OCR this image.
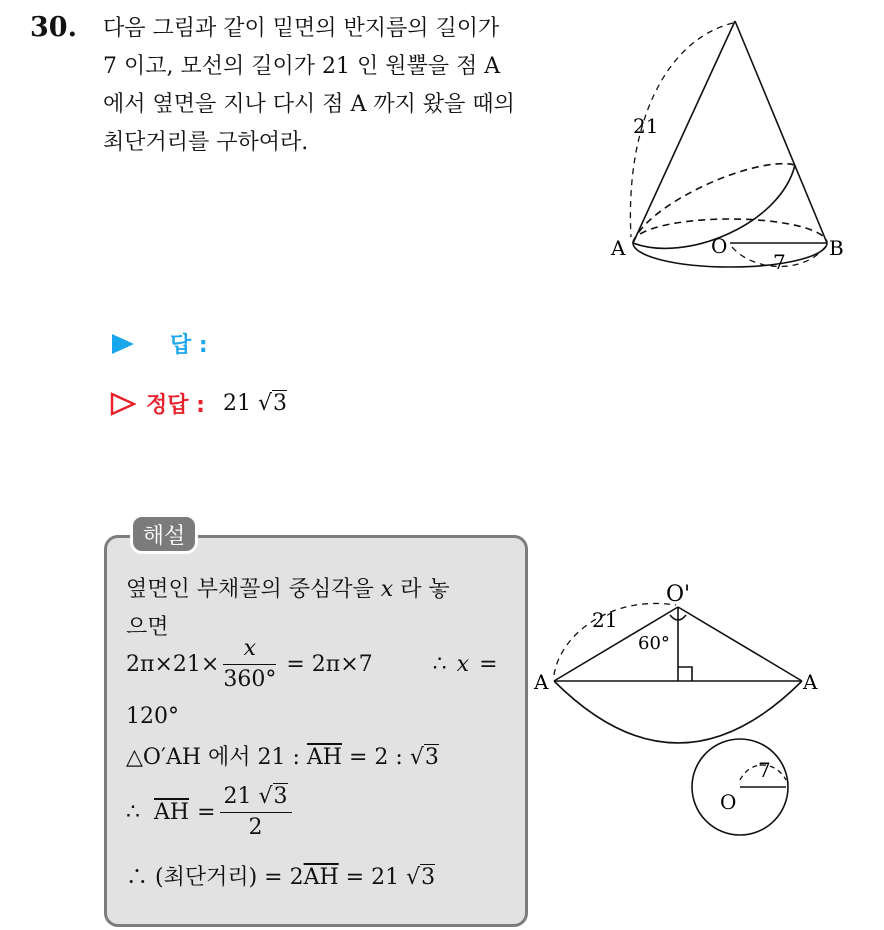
30. 다음 그림과 같이 밑면의 반지름의 길이가
7 이고, 모선의 길이가 21 인 원뿔을 점 A
에서 옆면을 지나 다시 점 A 까지 왔을 때의
최단거리를 구하여라.
21
7
A	O	B
답 :
정답 : 21 √3
해설
옆면인 부채꼴의 중심각을 x 라 놓
으면
$2\pi\times 21\times \frac{x}{360^\circ} = 2\pi\times 7$	∴ x =
120°
△O′AH 에서 21 : $\overline{AH} = 2$ : √3
∴ $\overline{AH} = \frac{21 √3}{2}$
∴ (최단거리) = $2\overline{AH} = 21$ √3
O'
21
60°
A	A
O
7
